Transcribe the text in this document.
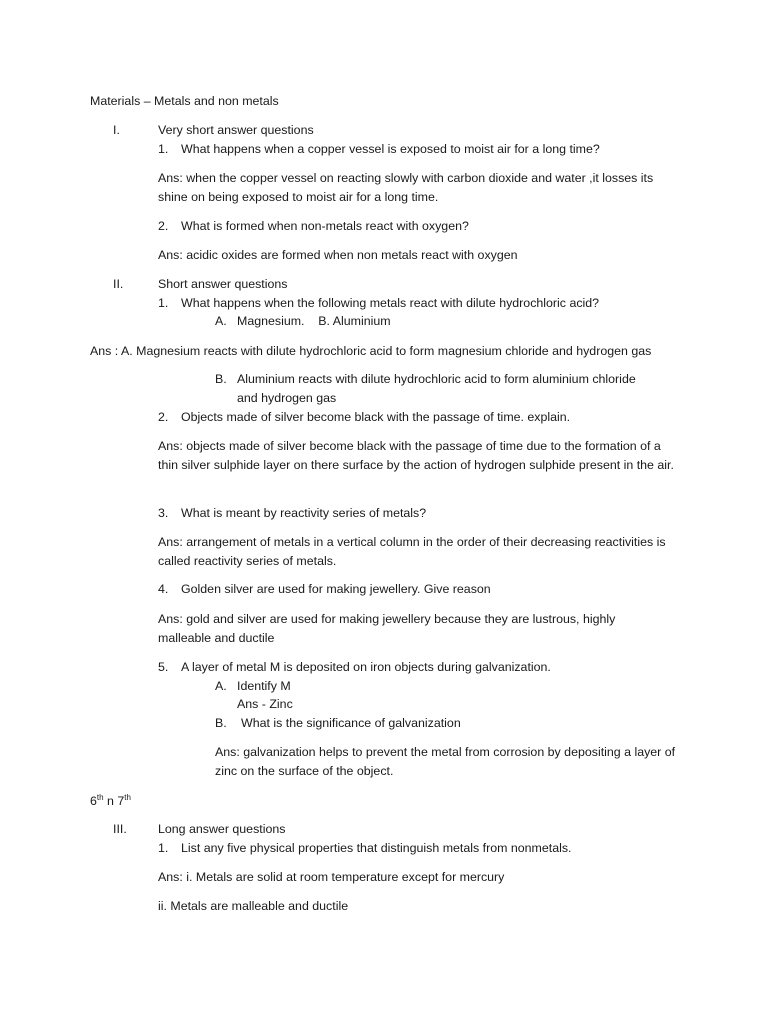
Materials – Metals and non metals
I.	Very short answer questions
1. What happens when a copper vessel is exposed to moist air for a long time?
Ans: when the copper vessel on reacting slowly with carbon dioxide and water ,it losses its shine on being exposed to moist air for a long time.
2. What is formed when non-metals react with oxygen?
Ans: acidic oxides are formed when non metals react with oxygen
II.	Short answer questions
1. What happens when the following metals react with dilute hydrochloric acid?
A. Magnesium.    B. Aluminium
Ans : A. Magnesium reacts with dilute hydrochloric acid to form magnesium chloride and hydrogen gas
B. Aluminium reacts with dilute hydrochloric acid to form aluminium chloride
and hydrogen gas
2. Objects made of silver become black with the passage of time. explain.
Ans: objects made of silver become black with the passage of time due to the formation of a thin silver sulphide layer on there surface by the action of hydrogen sulphide present in the air.
3. What is meant by reactivity series of metals?
Ans: arrangement of metals in a vertical column in the order of their decreasing reactivities is called reactivity series of metals.
4. Golden silver are used for making jewellery. Give reason
Ans: gold and silver are used for making jewellery because they are lustrous, highly malleable and ductile
5. A layer of metal M is deposited on iron objects during galvanization.
A. Identify M
Ans - Zinc
B. What is the significance of galvanization
Ans: galvanization helps to prevent the metal from corrosion by depositing a layer of zinc on the surface of the object.
6th n 7th
III.	Long answer questions
1. List any five physical properties that distinguish metals from nonmetals.
Ans: i. Metals are solid at room temperature except for mercury
ii. Metals are malleable and ductile
